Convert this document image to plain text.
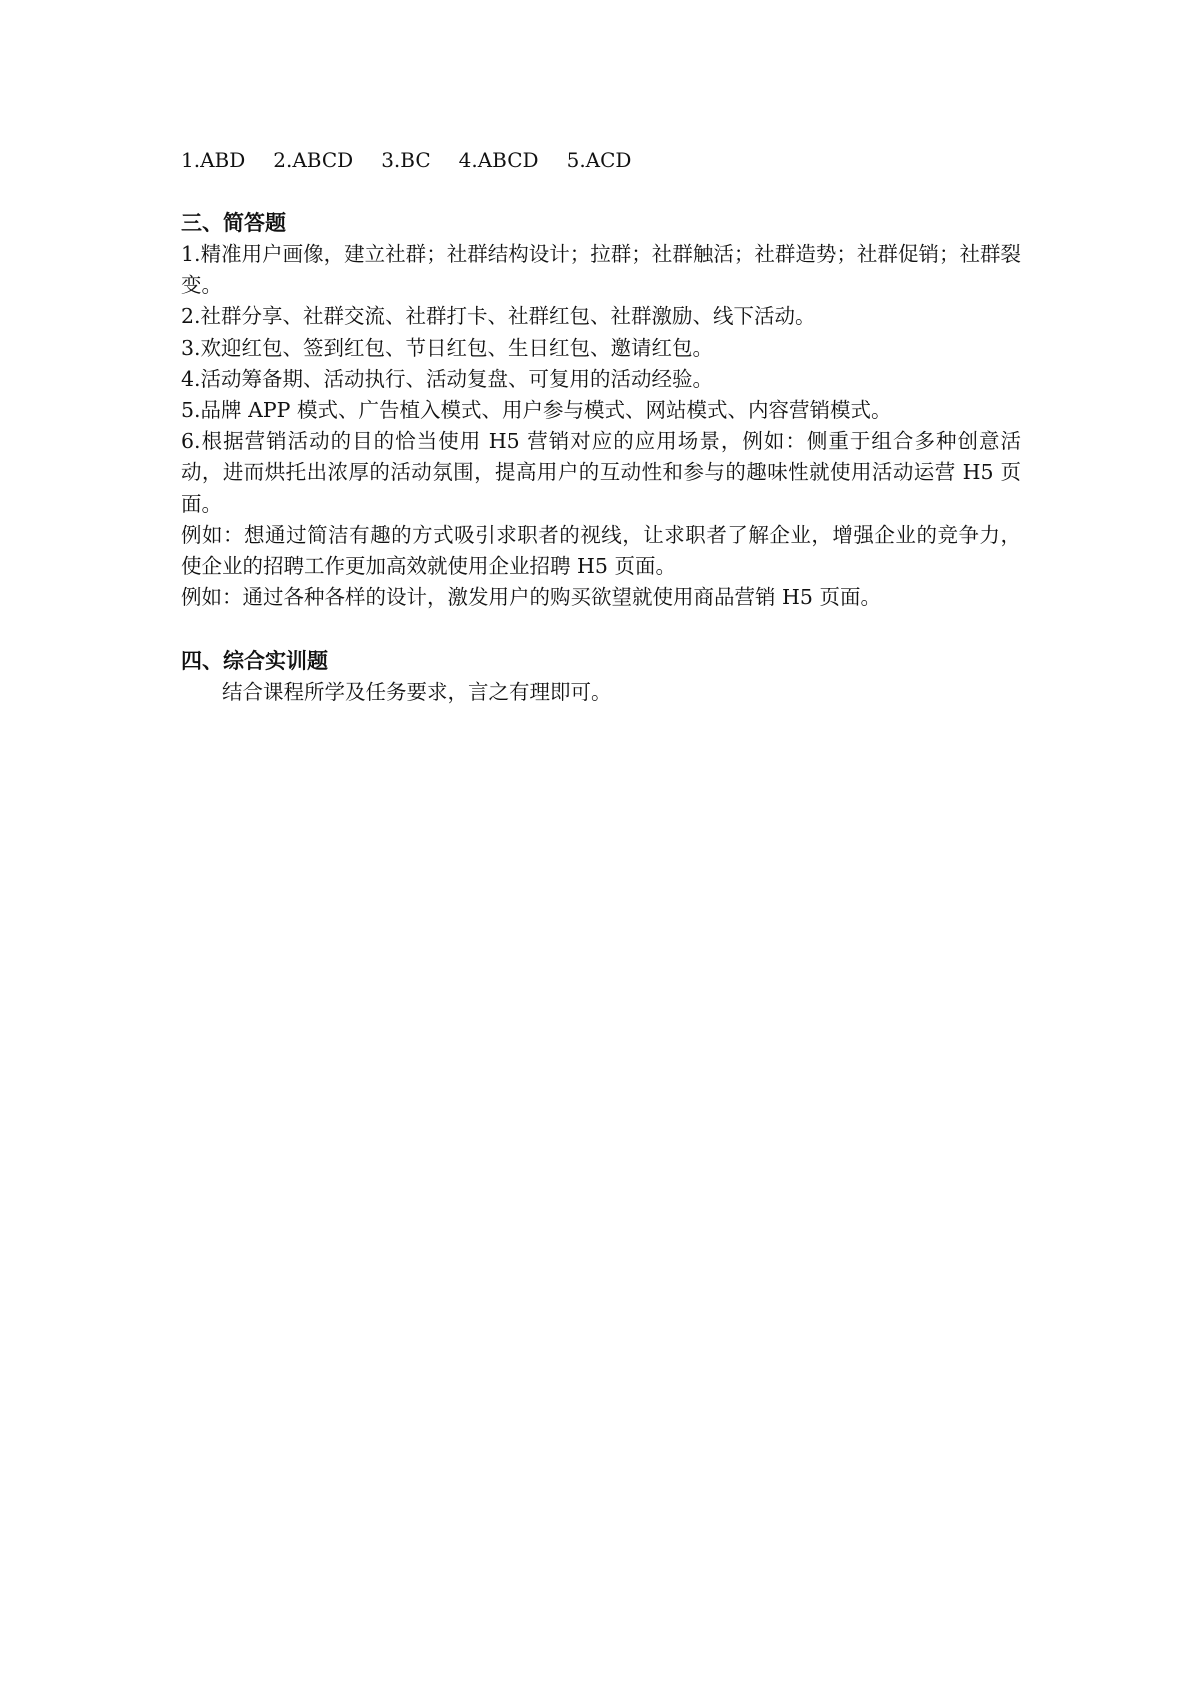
1.ABD 2.ABCD 3.BC 4.ABCD 5.ACD

三、简答题

1.精准用户画像，建立社群；社群结构设计；拉群；社群触活；社群造势；社群促销；社群裂变。

2.社群分享、社群交流、社群打卡、社群红包、社群激励、线下活动。

3.欢迎红包、签到红包、节日红包、生日红包、邀请红包。

4.活动筹备期、活动执行、活动复盘、可复用的活动经验。

5.品牌 APP 模式、广告植入模式、用户参与模式、网站模式、内容营销模式。

6.根据营销活动的目的恰当使用 H5 营销对应的应用场景，例如：侧重于组合多种创意活动，进而烘托出浓厚的活动氛围，提高用户的互动性和参与的趣味性就使用活动运营 H5 页面。

例如：想通过简洁有趣的方式吸引求职者的视线，让求职者了解企业，增强企业的竞争力，使企业的招聘工作更加高效就使用企业招聘 H5 页面。

例如：通过各种各样的设计，激发用户的购买欲望就使用商品营销 H5 页面。

四、综合实训题

结合课程所学及任务要求，言之有理即可。
